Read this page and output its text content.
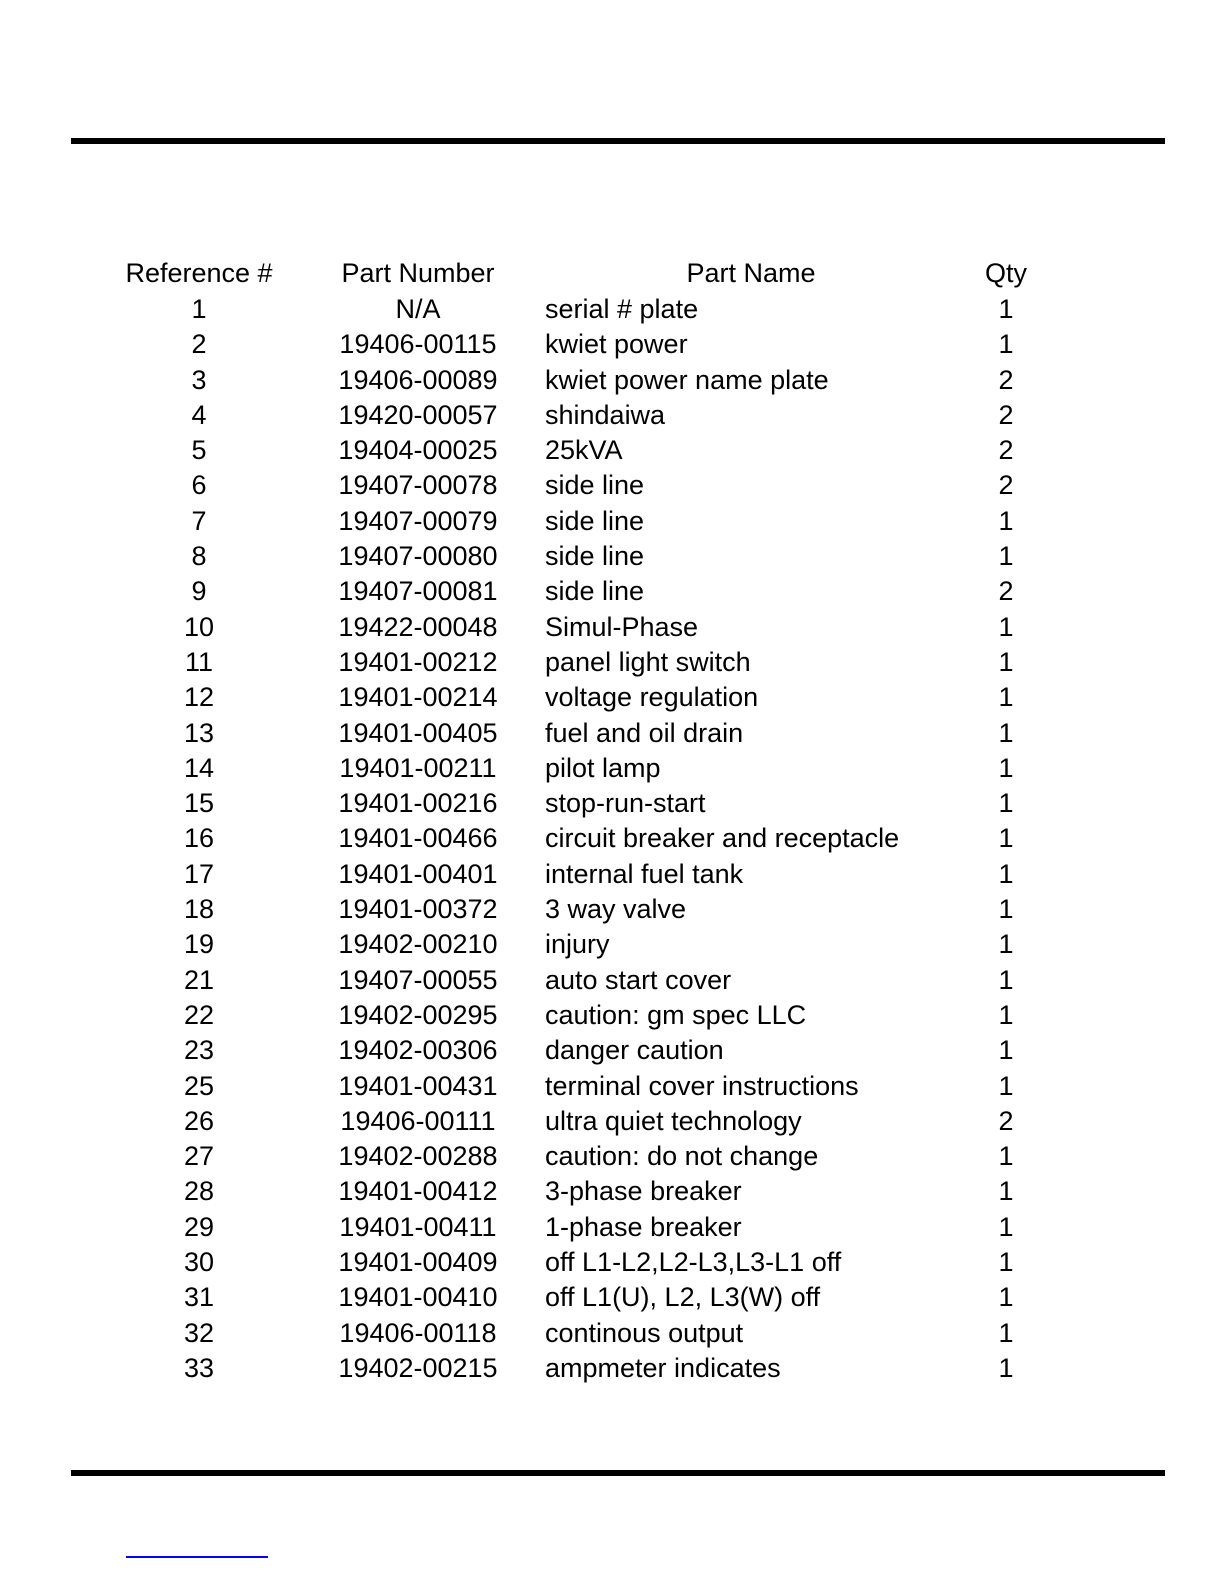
Reference #	Part Number	Part Name	Qty
1	N/A	serial # plate	1
2	19406-00115	kwiet power	1
3	19406-00089	kwiet power name plate	2
4	19420-00057	shindaiwa	2
5	19404-00025	25kVA	2
6	19407-00078	side line	2
7	19407-00079	side line	1
8	19407-00080	side line	1
9	19407-00081	side line	2
10	19422-00048	Simul-Phase	1
11	19401-00212	panel light switch	1
12	19401-00214	voltage regulation	1
13	19401-00405	fuel and oil drain	1
14	19401-00211	pilot lamp	1
15	19401-00216	stop-run-start	1
16	19401-00466	circuit breaker and receptacle	1
17	19401-00401	internal fuel tank	1
18	19401-00372	3 way valve	1
19	19402-00210	injury	1
21	19407-00055	auto start cover	1
22	19402-00295	caution: gm spec LLC	1
23	19402-00306	danger caution	1
25	19401-00431	terminal cover instructions	1
26	19406-00111	ultra quiet technology	2
27	19402-00288	caution: do not change	1
28	19401-00412	3-phase breaker	1
29	19401-00411	1-phase breaker	1
30	19401-00409	off L1-L2,L2-L3,L3-L1 off	1
31	19401-00410	off L1(U), L2, L3(W) off	1
32	19406-00118	continous output	1
33	19402-00215	ampmeter indicates	1
